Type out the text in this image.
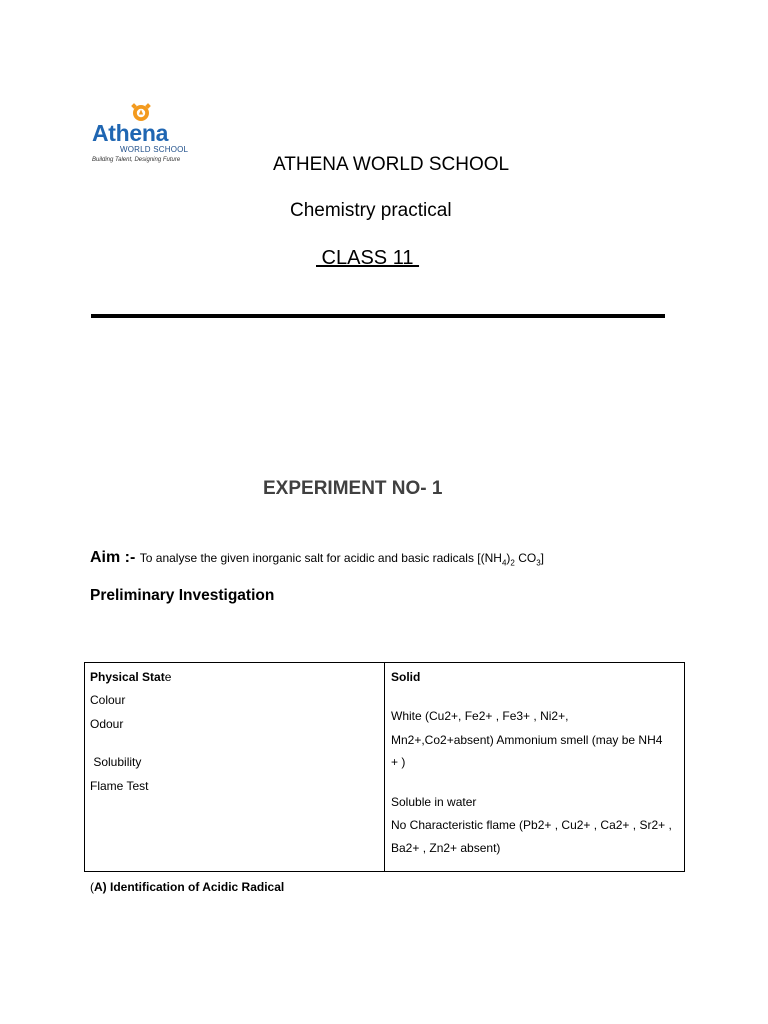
Athena
WORLD SCHOOL
Building Talent, Designing Future	ATHENA WORLD SCHOOL
Chemistry practical
CLASS 11
EXPERIMENT NO- 1
Aim :- To analyse the given inorganic salt for acidic and basic radicals [$(NH_4)_2$ $CO_3$]
Preliminary Investigation
Physical State
Colour
Odour
Solubility
Flame Test
Solid
White (Cu2+, Fe2+ , Fe3+ , Ni2+,
Mn2+,Co2+absent) Ammonium smell (may be NH4
+ )
Soluble in water
No Characteristic flame (Pb2+ , Cu2+ , Ca2+ , Sr2+ ,
Ba2+ , Zn2+ absent)
(A) Identification of Acidic Radical
